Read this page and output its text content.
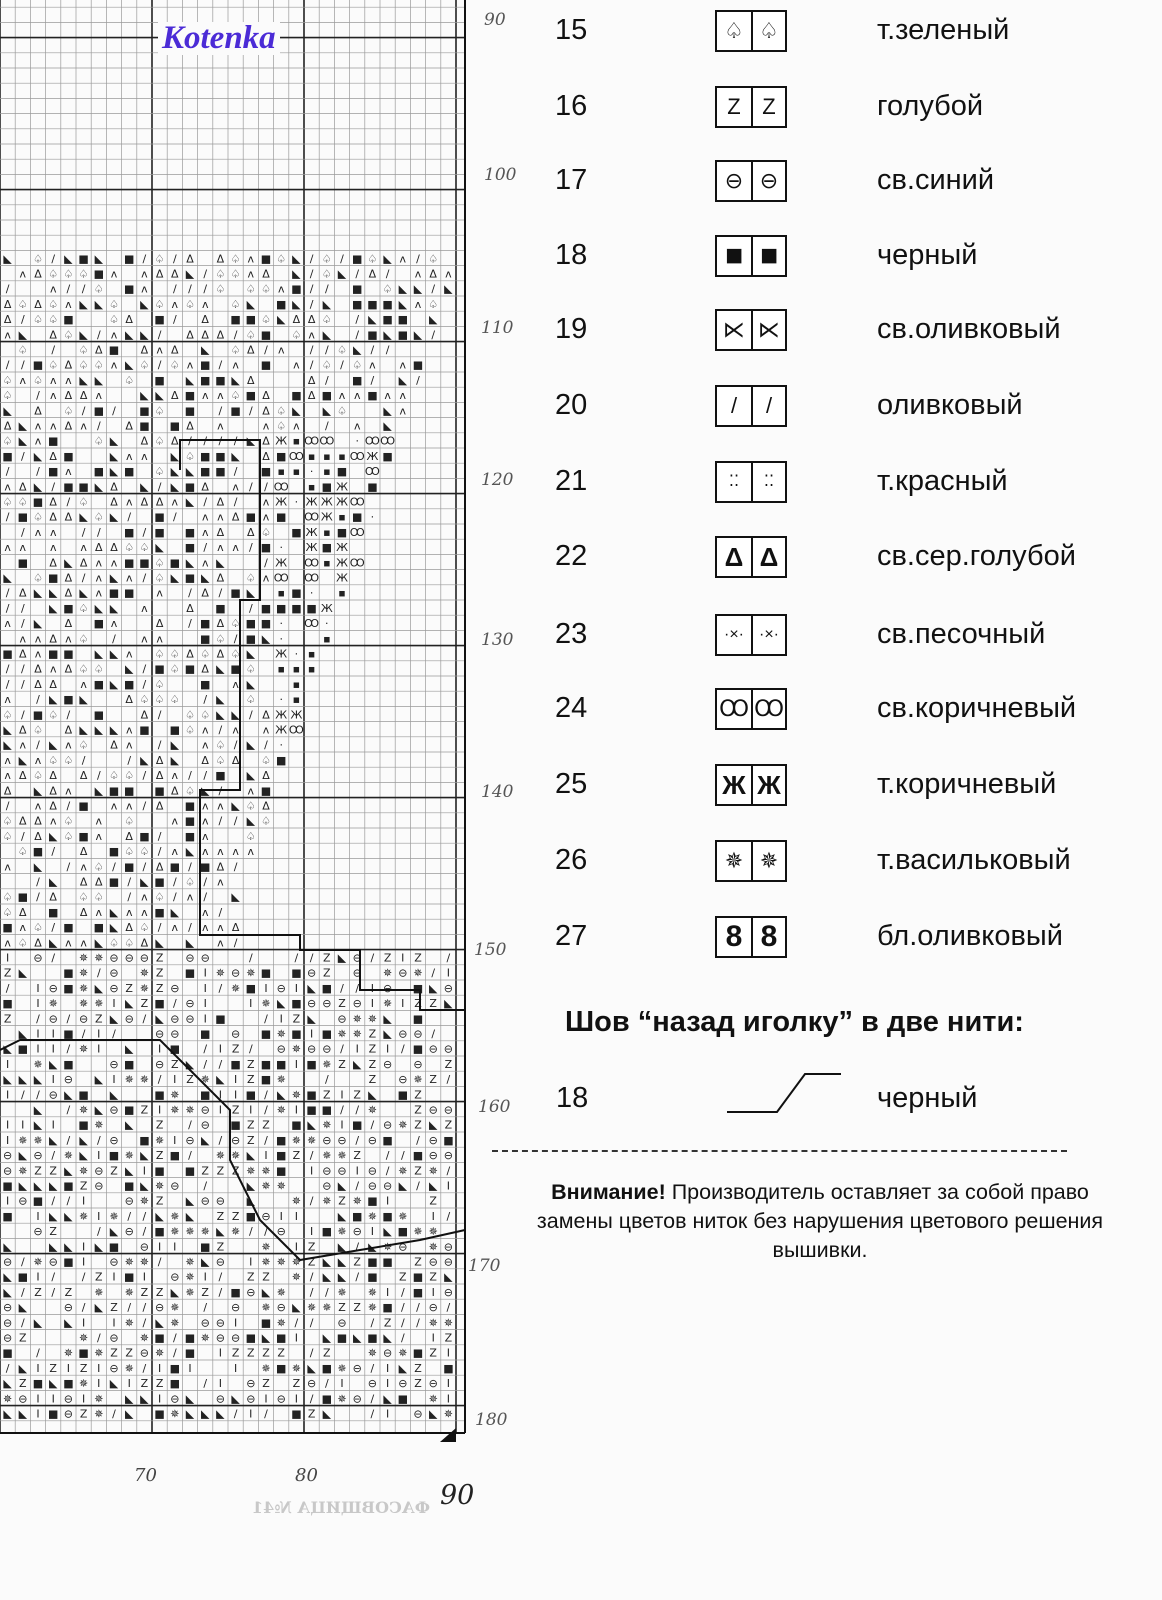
◣ ♤ / ◣ ■ ◣ ■ / ♤ / Δ Δ ♤ ᴧ ■ ♤ ◣ / ♤ / ■ ♤ ◣ ᴧ / ♤
ᴧ Δ ♤ ♤ ♤ ■ ᴧ ᴧ Δ Δ ◣ / ♤ ♤ ᴧ Δ ◣ / ♤ ◣ / Δ / ᴧ Δ ᴧ
/	ᴧ / / ♤ ■ ᴧ / / / ♤ ♤ ♤ ᴧ ■ / / ■ ♤ ◣ ◣ / ◣
Δ ♤ Δ ♤ ᴧ ◣ ◣ ♤ ◣ ♤ ᴧ ♤ ᴧ ♤ ◣ ■ ◣ / ◣ ■ ■ ■ ◣ ᴧ ♤
Δ / ♤ ♤ ■	♤ Δ ■ / Δ ■ ■ ♤ ◣ Δ Δ ♤ / ◣ ■ ■ ◣
ᴧ ◣ Δ ♤ ◣ / ᴧ ◣ ◣ / Δ Δ Δ / ♤ ■ ♤ ᴧ ◣ / ■ ◣ ■ ◣ /
♤ / ♤ Δ ■ Δ ᴧ Δ ◣ ♤ Δ / ᴧ / / ♤ ◣ / /
/ / ■ ♤ Δ ♤ ♤ ᴧ ◣ ♤ / ♤ ᴧ ■ / ᴧ ■ ᴧ / ♤ / ♤ ᴧ ᴧ ■
♤ ᴧ ♤ ᴧ ᴧ ◣ ◣ ♤ ■ ◣ ■ ■ ◣ Δ	Δ / ■ / ◣ /
♤ / ᴧ Δ Δ ᴧ	◣ ◣ Δ ■ ᴧ ᴧ ♤ ■ Δ ■ Δ ■ ᴧ ᴧ ■ ᴧ ᴧ
◣ Δ ♤ / ■ / ■ ♤ ■ / ■ / Δ ♤ ◣ ◣ ♤	◣ ᴧ
Δ ◣ ᴧ ᴧ Δ ᴧ / Δ ■ ■ Δ ᴧ	ᴧ ♤ ᴧ / ᴧ ◣
♤ ◣ ᴧ ■	♤ ◣ Δ ♤ Δ / / / / ◣ Δ Ж ▪ Ꝏ Ꝏ · Ꝏ Ꝏ
■ / ◣ Δ ■	◣ ᴧ ᴧ ◣ ♤ ■ ■ ◣ Δ ■ Ꝏ ▪ ▪ ▪ Ꝏ Ж ■
/ / ■ ᴧ ■ ◣ ■ ♤ ◣ ◣ ■ ■ / ■ ▪ ▪ · ▪ ■ Ꝏ
ᴧ Δ ◣ / ■ ■ ◣ Δ ◣ / ◣ ■ Δ ᴧ / / Ꝏ ▪ ■ Ж ■
♤ ♤ ■ Δ / ♤ Δ ᴧ Δ Δ ᴧ ◣ / Δ / ᴧ Ж · Ж Ж Ж Ꝏ
/ ■ ♤ Δ Δ ◣ ♤ ◣ / ■ / ᴧ ᴧ Δ ■ ᴧ ■ Ꝏ Ж ▪ ■ ·
/ ᴧ ᴧ / / ■ / ■ ■ ᴧ Δ Δ ♤ ■ Ж ▪ ■ Ꝏ
ᴧ ᴧ ᴧ ᴧ Δ Δ ♤ ♤ ◣ ■ / ᴧ ᴧ / ■ · Ж ■ Ж
■ Δ ◣ Δ ᴧ ᴧ ■ ■ ♤ ■ ◣ ᴧ ◣	/ Ж Ꝏ ▪ Ж Ꝏ
◣ ♤ ■ Δ / ᴧ ◣ ᴧ / ♤ ◣ ■ ◣ Δ ♤ ᴧ Ꝏ Ꝏ Ж
/ Δ ◣ ◣ Δ ◣ ᴧ ■ ■ ᴧ / Δ / ■ ◣ ▪ ■ · ▪
/ / ◣ ■ ♤ ◣ ◣ ᴧ	Δ ■ / ■ ■ ■ ■ Ж
ᴧ / ◣ Δ ■ ᴧ	Δ / ■ Δ ♤ ■ ■ · Ꝏ ·
ᴧ ᴧ Δ ᴧ ♤ / ᴧ ᴧ	■ ♤ / ■ ◣ ·	▪
■ Δ ᴧ ■ ■ ◣ ◣ ᴧ ♤ ♤ Δ ♤ Δ ♤ ◣ Ж · ▪
/ / Δ ᴧ Δ ♤ ♤ ◣ / ■ ♤ ■ Δ ◣ ■ ♤ ▪ ▪ ▪
/ / Δ Δ ᴧ ■ ◣ ■ / ♤	■ ᴧ ◣	▪
ᴧ / ◣ ■ ◣	Δ ♤ ♤ ♤ / ◣ ♤ · ▪
♤ / ■ ♤ / ■	Δ / ♤ ♤ ◣ ◣ / Δ Ж Ж
◣ Δ ♤ Δ ◣ ◣ ◣ ᴧ ■ ■ ♤ ᴧ / ᴧ ᴧ Ж Ꝏ
◣ ᴧ / ◣ ᴧ ♤ Δ ᴧ / ◣ ᴧ ♤ / ◣ / ·
ᴧ ◣ ᴧ ♤ ♤ /	/ ◣ Δ ◣ Δ ♤ Δ ♤ ■
ᴧ Δ ♤ Δ Δ / ♤ ♤ / Δ ᴧ / / ■ ◣ Δ
Δ ◣ Δ ᴧ ◣ ■ ■ ■ Δ ♤ ◣ / ᴧ ■
/ ᴧ Δ / ■ ᴧ ᴧ / Δ ■ ᴧ ᴧ ◣ ♤ Δ
♤ Δ Δ ᴧ ♤ ᴧ ♤	ᴧ ■ ᴧ / / ◣ ♤
♤ / Δ ◣ ♤ ■ ᴧ Δ ■ / ■ ᴧ	♤
♤ ■ / Δ ■ ♤ ♤ / ᴧ ◣ ᴧ ᴧ ᴧ ᴧ
ᴧ ◣ / ᴧ ♤ / ■ / Δ ■ / ■ Δ /
/ ◣ Δ Δ ■ / ◣ ■ / ♤ / ᴧ
♤ ■ / Δ ♤ ♤ / ᴧ ♤ / ᴧ / ◣
♤ Δ ■ Δ ᴧ ◣ ᴧ ᴧ ■ ◣ ᴧ /
■ ᴧ ♤ / ■ ■ ◣ Δ ♤ / ᴧ / ᴧ ᴧ Δ
ᴧ ♤ Δ ◣ ᴧ ᴧ ◣ ♤ ♤ Δ ◣ ◣ ᴧ /
I ⊖ / ✵ ✵ ⊖ ⊖ ⊖ Z ⊖ ⊖	/	/ / Z ◣ ⊖ / Z I Z /
Z ◣	■ ✵ / ⊖ ✵ Z ■ I ✵ ⊖ ✵ ■ ■ ⊖ Z ⊖ ✵ ⊖ ✵ / I
/ I ⊖ ■ ✵ ◣ ⊖ Z ✵ Z ⊖ I / ✵ ■ I ⊖ I ◣ ■ / / I ⊖ ■ ◣ ⊖
■ I ✵ ✵ ✵ I ◣ Z ■ / ⊖ I	I ✵ ◣ ■ ⊖ ⊖ Z ⊖ I ✵ I Z Z ◣
Z / ⊖ / ⊖ Z ◣ ⊖ / ◣ ⊖ ⊖ I ■	/ I Z ◣ ⊖ ✵ ✵ ◣ ■
◣ I I ■ / I /	⊖ ⊖ ■ ⊖ ■ ✵ ■ I ■ ✵ ✵ Z ◣ ⊖ ⊖ /
◣ ■ I I / ✵ I ◣ I ■ / I Z / ⊖ ✵ ⊖ ⊖ / I Z I / ■ ⊖ ⊖
I ✵ ◣ ■	⊖ ■ ⊖ Z ◣ / / ■ Z ■ ■ I ■ ✵ Z ◣ Z ⊖ ⊖ Z
◣ ◣ ◣ I ⊖ ◣ I ✵ ✵ / I Z ✵ ◣ I Z ■ ✵	/	Z ⊖ ✵ Z /
I / / ⊖ ◣ ■ ◣	■ ✵ ■ I I ■ / ◣ ✵ ■ Z I Z ◣ ■ Z
◣ / ✵ ◣ ⊖ ■ Z I ✵ ✵ ⊖ I Z I / ✵ I ■ ■ / / ✵	Z ⊖ ⊖
I I ◣ I ■ ✵ ◣ Z / ⊖ ■ Z Z ■ ◣ ✵ I ■ / ⊖ ✵ Z ◣ Z
I ✵ ✵ ◣ / ◣ / ⊖ ■ ✵ I ⊖ ◣ / ⊖ Z / ■ ✵ ✵ ⊖ ⊖ / ⊖ ■ / ⊖ ■
⊖ ◣ ⊖ / ✵ ◣ I ■ ✵ ◣ Z ■ / ✵ ✵ ◣ I ■ Z / ✵ ✵ Z / / ■ ⊖ ⊖
⊖ ✵ Z Z ◣ ✵ ⊖ Z ◣ I ■ ■ Z Z Z ✵ ✵ ■ I ⊖ ⊖ I ⊖ / ✵ Z ✵ /
■ ◣ ◣ ◣ ■ Z ⊖ ■ ◣ ✵ ⊖ /	◣ ✵ ✵	⊖ ◣ / ⊖ ⊖ ◣ / ◣ I
I ⊖ ■ / / I	⊖ ✵ Z ◣ ⊖ ⊖ ◣	✵ / ✵ Z ✵ ■ I	Z
■ I ◣ ◣ ✵ I ✵ / / ◣ ✵ ◣ Z Z ■ ⊖ I I	◣ ■ ✵ ■ ✵ I /
⊖ Z	/ ◣ ⊖ / ■ ✵ ✵ ✵ ◣ ✵ / / ⊖ I ■ ✵ ⊖ I ◣ ■ ✵ ✵
◣	◣ ◣ I ◣ ■ ⊖ I I ■ Z	✵ I Z ◣ / ◣ ✵ ⊖ ✵ ⊖
⊖ / ✵ ⊖ ■ I ⊖ ✵ ✵ / ✵ ◣ ⊖ I ✵ ✵ ✵ Z ◣ ◣ Z ■ ■ Z ⊖ ⊖
◣ ■ I / / Z I ■ I ⊖ ✵ I / Z Z ✵ / ◣ ◣ / ■ Z ■ Z ◣
◣ / Z / Z ✵ ✵ Z Z ◣ ✵ Z / ■ ⊖ ◣ ✵ / / ✵ ✵ I / ■ I ⊖
⊖ ◣	⊖ / ◣ Z / / ⊖ ✵ / ⊖ ✵ ⊖ ◣ ✵ ✵ Z Z ✵ ■ / / ⊖ /
⊖ / ◣ ◣ I I ✵ / ◣ ✵ ⊖ ⊖ I ■ ✵ / / ⊖ / Z / / ✵ ✵
⊖ Z	✵ / ⊖ ✵ ■ / ■ ✵ ⊖ ⊖ ■ ◣ ■ I ◣ ■ ◣ ■ ◣ / I Z
■ / ✵ ■ ✵ Z Z ⊖ ✵ / ■ I Z Z Z Z / Z	✵ ⊖ ✵ ■ Z I
/ ◣ I Z I Z I ⊖ ✵ / I ■ I	I ✵ ■ ✵ ◣ ■ ✵ ⊖ / I ◣ Z ■
◣ Z ■ ◣ ■ ✵ I ◣ I Z Z ■ / I ⊖ Z Z ⊖ / I ⊖ I ⊖ Z ⊖ I
✵ ⊖ I I ⊖ I ✵ ◣ ◣ I ⊖ ◣ ⊖ ◣ ⊖ I ⊖ I / ■ ✵ ⊖ / ◣ ■ ✵ I
◣ ◣ I ■ ⊖ Z ✵ / ◣ ■ ✵ ◣ ◣ ◣ / I / ■ Z ◣	/ I ⊖ ◣ ✵
Kotenka	90
100
110
120
130
140
150
160
170
180
70	80
90
ФАСОВЩИЦА №41
15	♤ ♤	т.зеленый
16	Z Z	голубой
17	⊖ ⊖	св.синий
18	■ ■	черный
19	⋉ ⋉	св.оливковый
20	/	/	оливковый
21	⁚⁚	⁚⁚	т.красный
22	Δ Δ	св.сер.голубой
23	·×· ·×·	св.песочный
24	Ꝏ Ꝏ	св.коричневый
25	Ж Ж	т.коричневый
26	✵ ✵	т.васильковый
27	8 8	бл.оливковый
Шов “назад иголку” в две нити:
18	черный
Внимание! Производитель оставляет за собой право замены цветов ниток без нарушения цветового решения вышивки.
